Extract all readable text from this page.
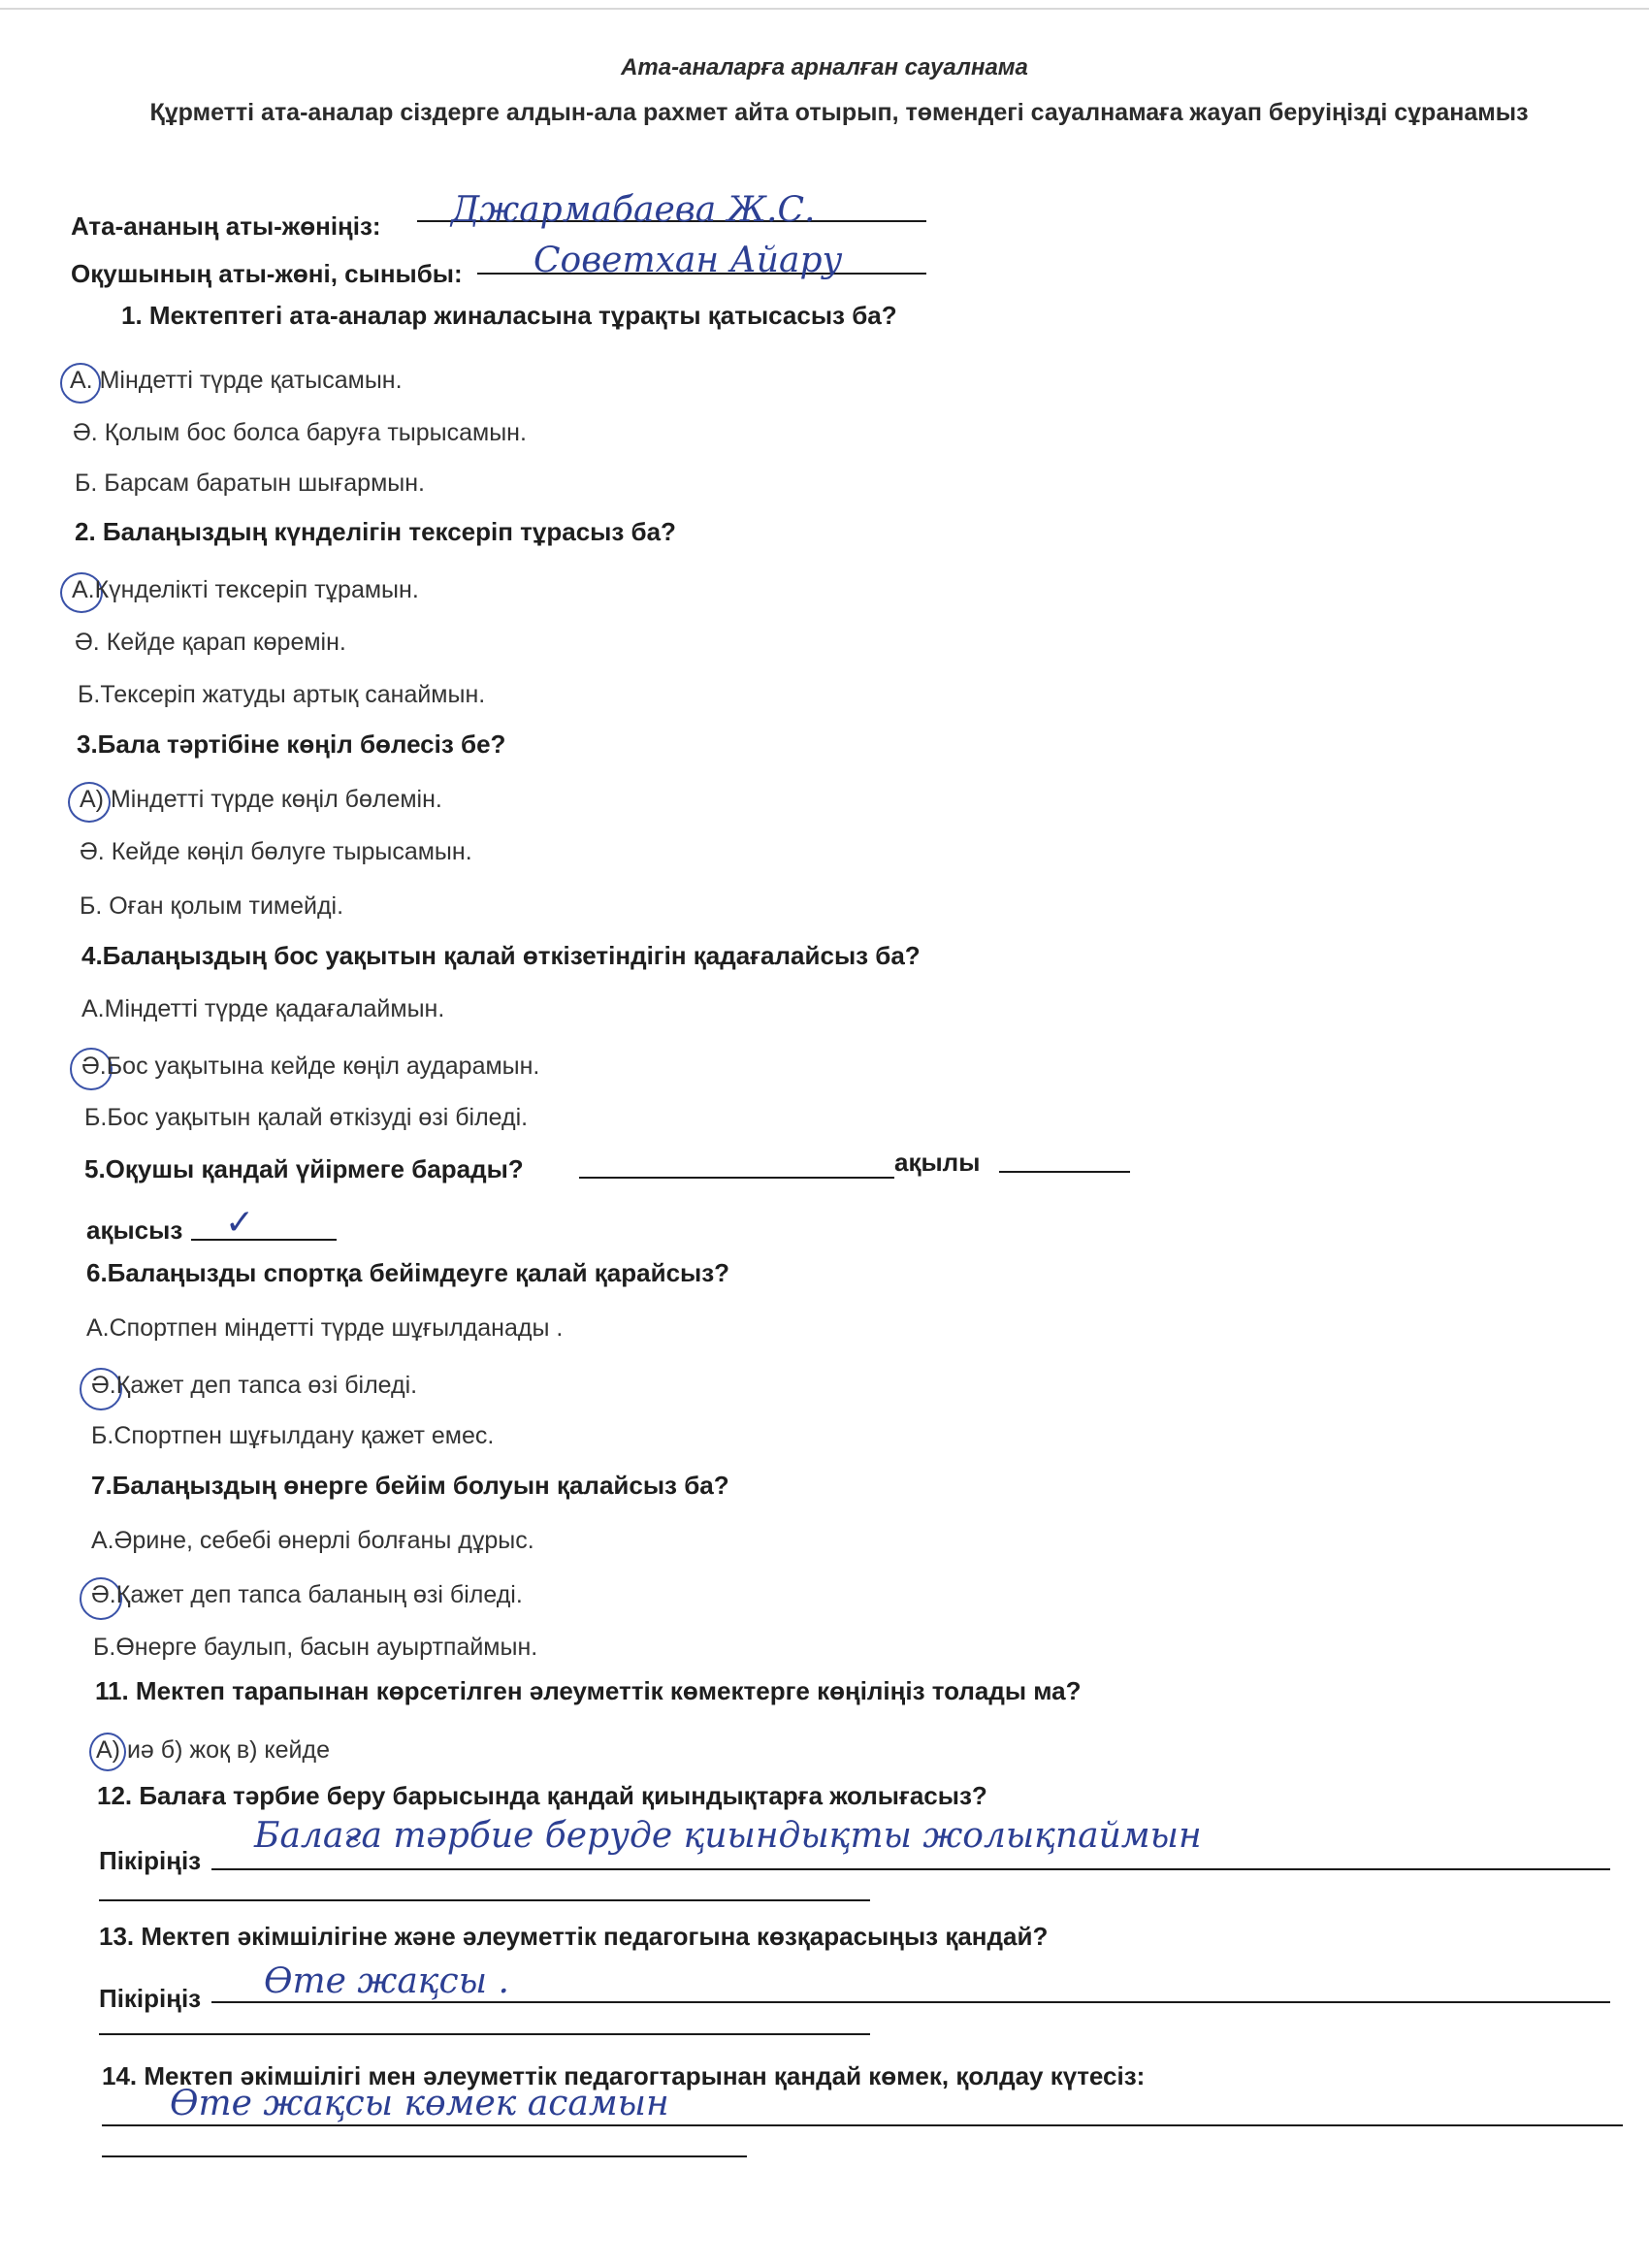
Ата-аналарға арналған сауалнама
Құрметті ата-аналар сіздерге алдын-ала рахмет айта отырып, төмендегі сауалнамаға жауап беруіңізді сұранамыз
Ата-ананың аты-жөніңіз: Джармабаева Ж.С.
Оқушының аты-жөні, сыныбы: Советхан Айару
1. Мектептегі ата-аналар жиналасына тұрақты қатысасыз ба?
А. Міндетті түрде қатысамын.
Ә. Қолым бос болса баруға тырысамын.
Б. Барсам баратын шығармын.
2. Балаңыздың күнделігін тексеріп тұрасыз ба?
А.Күнделікті тексеріп тұрамын.
Ә. Кейде қарап көремін.
Б.Тексеріп жатуды артық санаймын.
3.Бала тәртібіне көңіл бөлесіз бе?
А) Міндетті түрде көңіл бөлемін.
Ә. Кейде көңіл бөлуге тырысамын.
Б. Оған қолым тимейді.
4.Балаңыздың бос уақытын қалай өткізетіндігін қадағалайсыз ба?
А.Міндетті түрде қадағалаймын.
Ә.Бос уақытына кейде көңіл аударамын.
Б.Бос уақытын қалай өткізуді өзі біледі.
5.Оқушы қандай үйірмеге барады?	ақылы
ақысыз ✓
6.Балаңызды спортқа бейімдеуге қалай қарайсыз?
А.Спортпен міндетті түрде шұғылданады .
Ә.Қажет деп тапса өзі біледі.
Б.Спортпен шұғылдану қажет емес.
7.Балаңыздың өнерге бейім болуын қалайсыз ба?
А.Әрине, себебі өнерлі болғаны дұрыс.
Ә.Қажет деп тапса баланың өзі біледі.
Б.Өнерге баулып, басын ауыртпаймын.
11. Мектеп тарапынан көрсетілген әлеуметтік көмектерге көңіліңіз толады ма?
А) иә б) жоқ в) кейде
12. Балаға тәрбие беру барысында қандай қиындықтарға жолығасыз?
Пікіріңіз
Балаға тәрбие беруде қиындықты жолықпаймын
13. Мектеп әкімшілігіне және әлеуметтік педагогына көзқарасыңыз қандай?
Пікіріңіз Өте жақсы .
14. Мектеп әкімшілігі мен әлеуметтік педагогтарынан қандай көмек, қолдау күтесіз:
Өте жақсы көмек асамын
